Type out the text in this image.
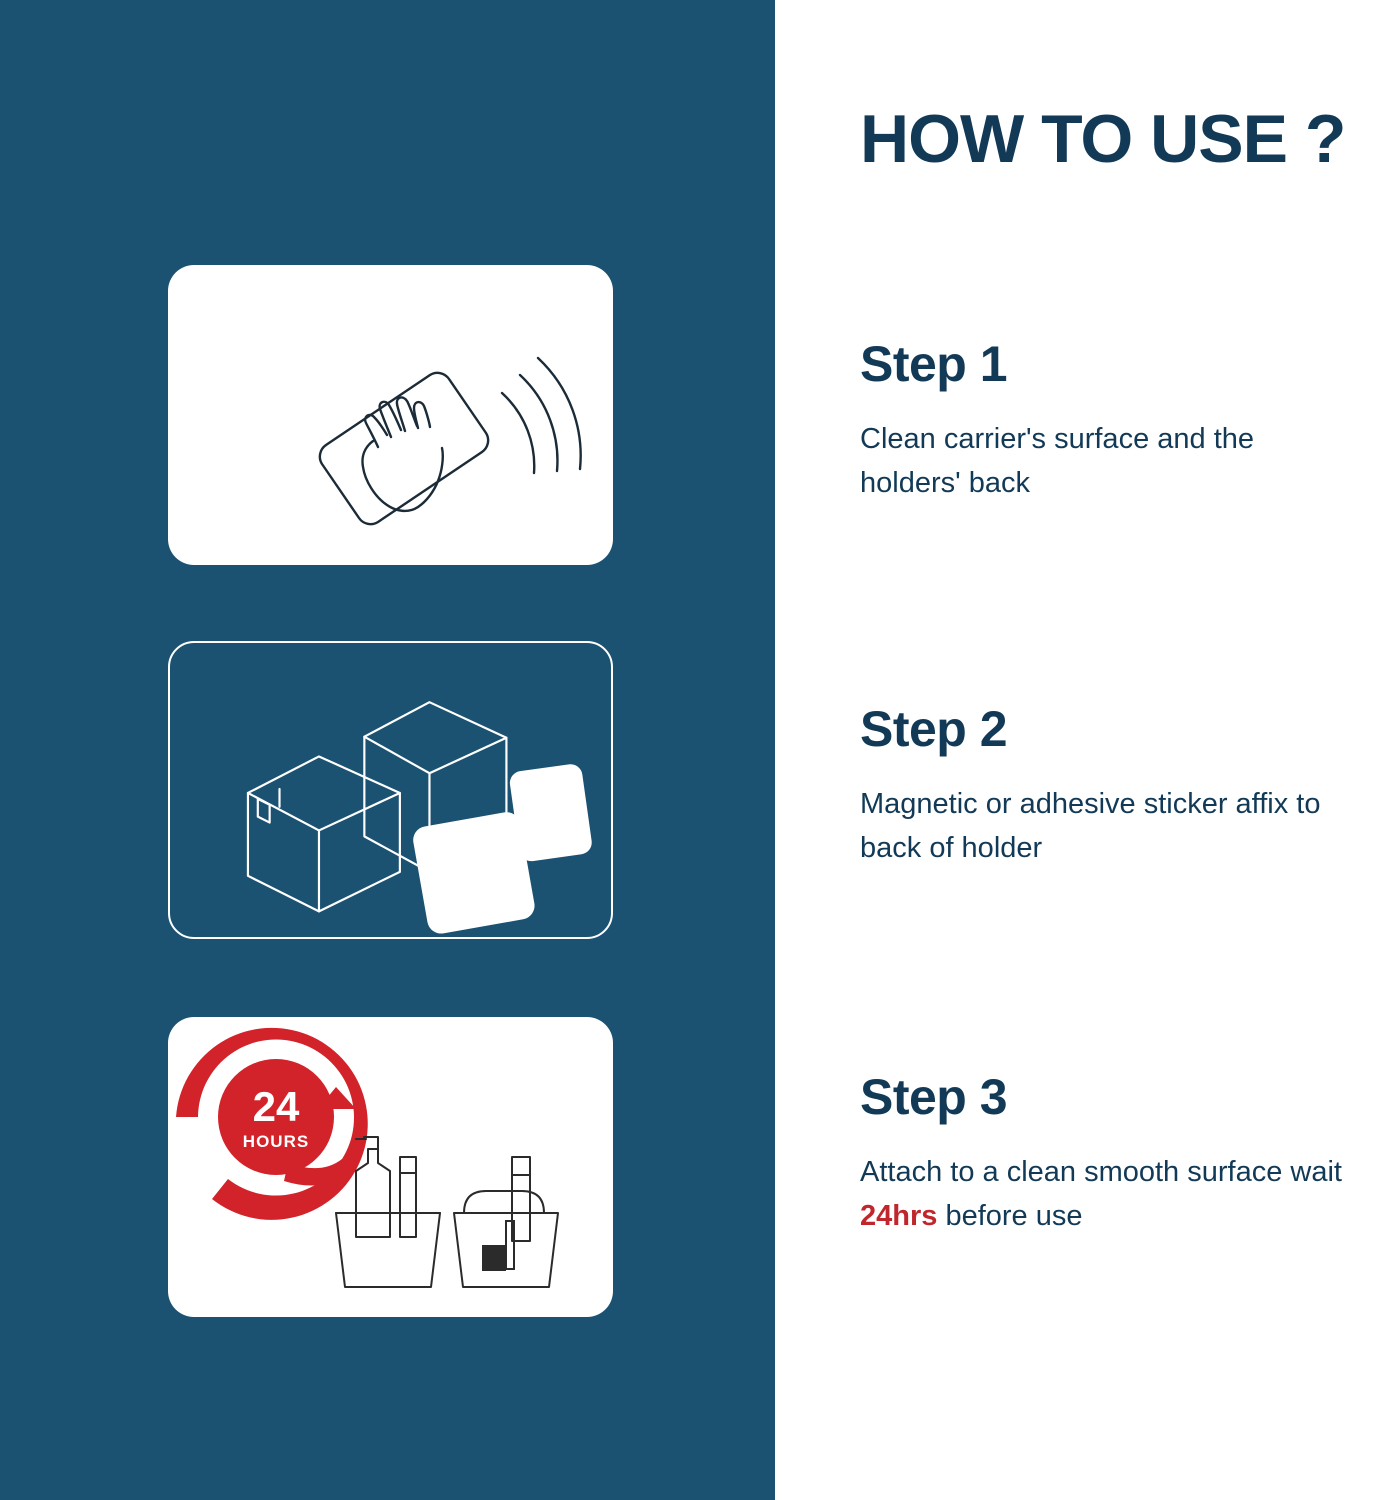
24
HOURS
HOW TO USE ?
Step 1

Clean carrier's surface and the holders' back

Step 2

Magnetic or adhesive sticker affix to back of holder

Step 3

Attach to a clean smooth surface wait 24hrs before use
